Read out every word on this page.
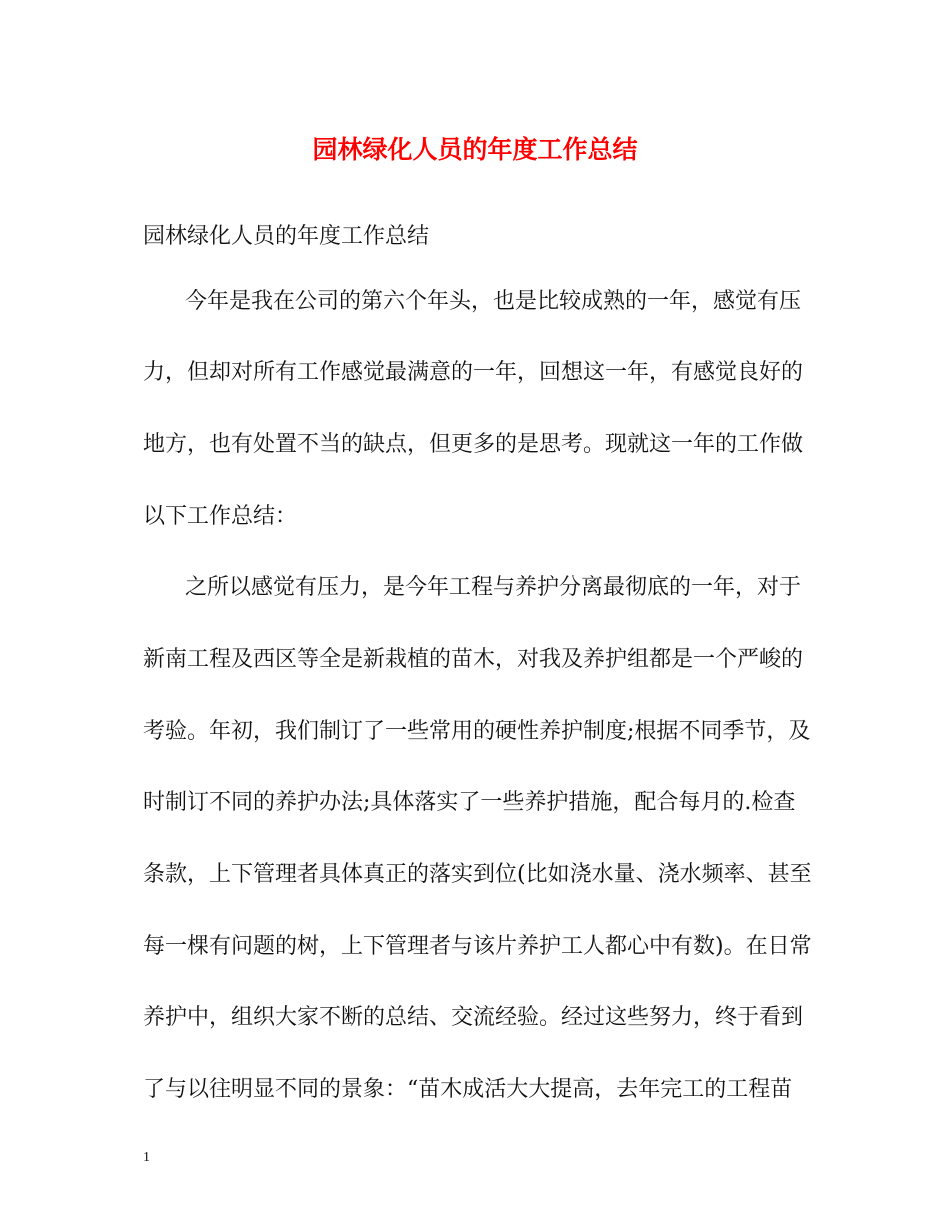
园林绿化人员的年度工作总结
园林绿化人员的年度工作总结
今年是我在公司的第六个年头，也是比较成熟的一年，感觉有压
力，但却对所有工作感觉最满意的一年，回想这一年，有感觉良好的
地方，也有处置不当的缺点，但更多的是思考。现就这一年的工作做
以下工作总结：
之所以感觉有压力，是今年工程与养护分离最彻底的一年，对于
新南工程及西区等全是新栽植的苗木，对我及养护组都是一个严峻的
考验。年初，我们制订了一些常用的硬性养护制度;根据不同季节，及
时制订不同的养护办法;具体落实了一些养护措施，配合每月的.检查
条款，上下管理者具体真正的落实到位(比如浇水量、浇水频率、甚至
每一棵有问题的树，上下管理者与该片养护工人都心中有数)。在日常
养护中，组织大家不断的总结、交流经验。经过这些努力，终于看到
了与以往明显不同的景象：“苗木成活大大提高，去年完工的工程苗
1
